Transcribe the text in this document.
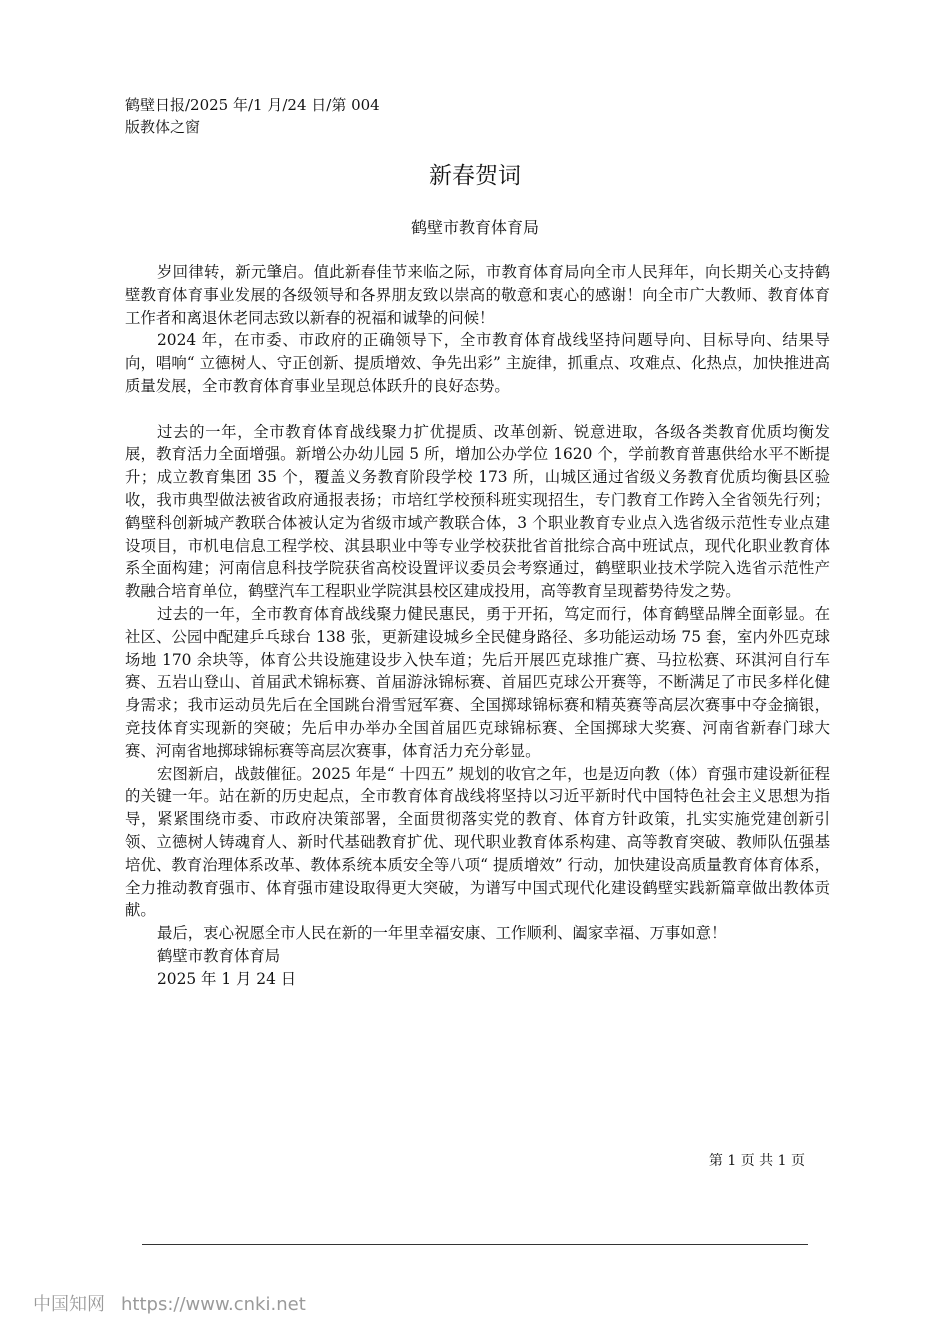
鹤壁日报/2025 年/1 月/24 日/第 004
版教体之窗
新春贺词
鹤壁市教育体育局

岁回律转，新元肇启。值此新春佳节来临之际，市教育体育局向全市人民拜年，向长期关心支持鹤壁教育体育事业发展的各级领导和各界朋友致以崇高的敬意和衷心的感谢！向全市广大教师、教育体育工作者和离退休老同志致以新春的祝福和诚挚的问候！

2024 年，在市委、市政府的正确领导下，全市教育体育战线坚持问题导向、目标导向、结果导向，唱响“ 立德树人、守正创新、提质增效、争先出彩” 主旋律，抓重点、攻难点、化热点，加快推进高质量发展，全市教育体育事业呈现总体跃升的良好态势。

过去的一年，全市教育体育战线聚力扩优提质、改革创新、锐意进取，各级各类教育优质均衡发展，教育活力全面增强。新增公办幼儿园 5 所，增加公办学位 1620 个，学前教育普惠供给水平不断提升；成立教育集团 35 个，覆盖义务教育阶段学校 173 所，山城区通过省级义务教育优质均衡县区验收，我市典型做法被省政府通报表扬；市培红学校预科班实现招生，专门教育工作跨入全省领先行列；鹤壁科创新城产教联合体被认定为省级市域产教联合体，3 个职业教育专业点入选省级示范性专业点建设项目，市机电信息工程学校、淇县职业中等专业学校获批省首批综合高中班试点，现代化职业教育体系全面构建；河南信息科技学院获省高校设置评议委员会考察通过，鹤壁职业技术学院入选省示范性产教融合培育单位，鹤壁汽车工程职业学院淇县校区建成投用，高等教育呈现蓄势待发之势。

过去的一年，全市教育体育战线聚力健民惠民，勇于开拓，笃定而行，体育鹤壁品牌全面彰显。在社区、公园中配建乒乓球台 138 张，更新建设城乡全民健身路径、多功能运动场 75 套，室内外匹克球场地 170 余块等，体育公共设施建设步入快车道；先后开展匹克球推广赛、马拉松赛、环淇河自行车赛、五岩山登山、首届武术锦标赛、首届游泳锦标赛、首届匹克球公开赛等，不断满足了市民多样化健身需求；我市运动员先后在全国跳台滑雪冠军赛、全国掷球锦标赛和精英赛等高层次赛事中夺金摘银，竞技体育实现新的突破；先后申办举办全国首届匹克球锦标赛、全国掷球大奖赛、河南省新春门球大赛、河南省地掷球锦标赛等高层次赛事，体育活力充分彰显。

宏图新启，战鼓催征。2025 年是“ 十四五” 规划的收官之年，也是迈向教（体）育强市建设新征程的关键一年。站在新的历史起点，全市教育体育战线将坚持以习近平新时代中国特色社会主义思想为指导，紧紧围绕市委、市政府决策部署，全面贯彻落实党的教育、体育方针政策，扎实实施党建创新引领、立德树人铸魂育人、新时代基础教育扩优、现代职业教育体系构建、高等教育突破、教师队伍强基培优、教育治理体系改革、教体系统本质安全等八项“ 提质增效” 行动，加快建设高质量教育体育体系，全力推动教育强市、体育强市建设取得更大突破，为谱写中国式现代化建设鹤壁实践新篇章做出教体贡献。

最后，衷心祝愿全市人民在新的一年里幸福安康、工作顺利、阖家幸福、万事如意！

鹤壁市教育体育局

2025 年 1 月 24 日

第 1 页 共 1 页
中国知网 https://www.cnki.net
